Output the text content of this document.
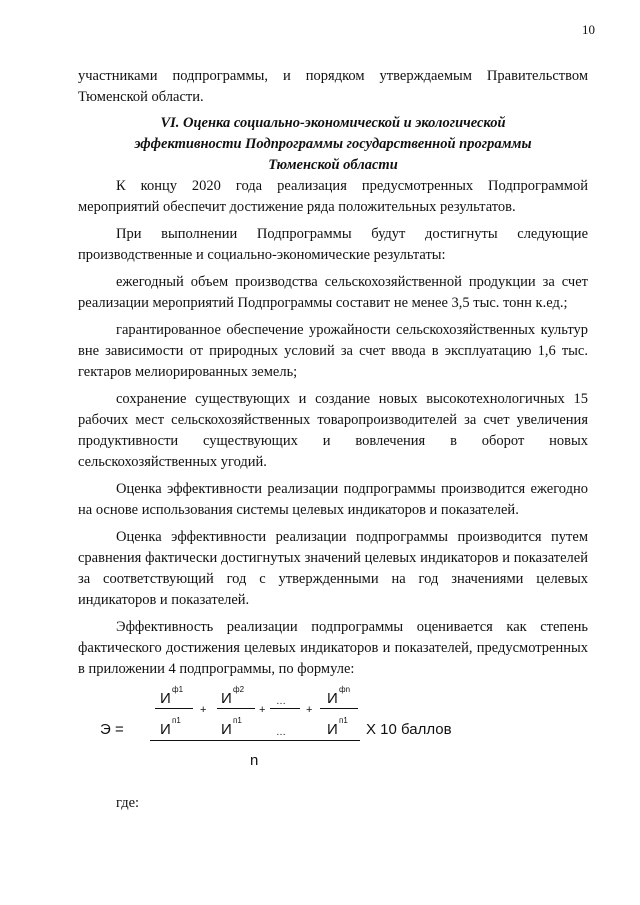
10

участниками подпрограммы, и порядком утверждаемым Правительством Тюменской области.

VI. Оценка социально-экономической и экологической
эффективности Подпрограммы государственной программы
Тюменской области

К концу 2020 года реализация предусмотренных Подпрограммой мероприятий обеспечит достижение ряда положительных результатов.

При выполнении Подпрограммы будут достигнуты следующие производственные и социально-экономические результаты:

ежегодный объем производства сельскохозяйственной продукции за счет реализации мероприятий Подпрограммы составит не менее 3,5 тыс. тонн к.ед.;

гарантированное обеспечение урожайности сельскохозяйственных культур вне зависимости от природных условий за счет ввода в эксплуатацию 1,6 тыс. гектаров мелиорированных земель;

сохранение существующих и создание новых высокотехнологичных 15 рабочих мест сельскохозяйственных товаропроизводителей за счет увеличения продуктивности существующих и вовлечения в оборот новых сельскохозяйственных угодий.

Оценка эффективности реализации подпрограммы производится ежегодно на основе использования системы целевых индикаторов и показателей.

Оценка эффективности реализации подпрограммы производится путем сравнения фактически достигнутых значений целевых индикаторов и показателей за соответствующий год с утвержденными на год значениями целевых индикаторов и показателей.

Эффективность реализации подпрограммы оценивается как степень фактического достижения целевых индикаторов и показателей, предусмотренных в приложении 4 подпрограммы, по формуле:

И
ф1
И
ф2
…	И
фn
+	+	+
Э = И
п1
И
п1
…	И
п1
Х 10 баллов
n
где:
